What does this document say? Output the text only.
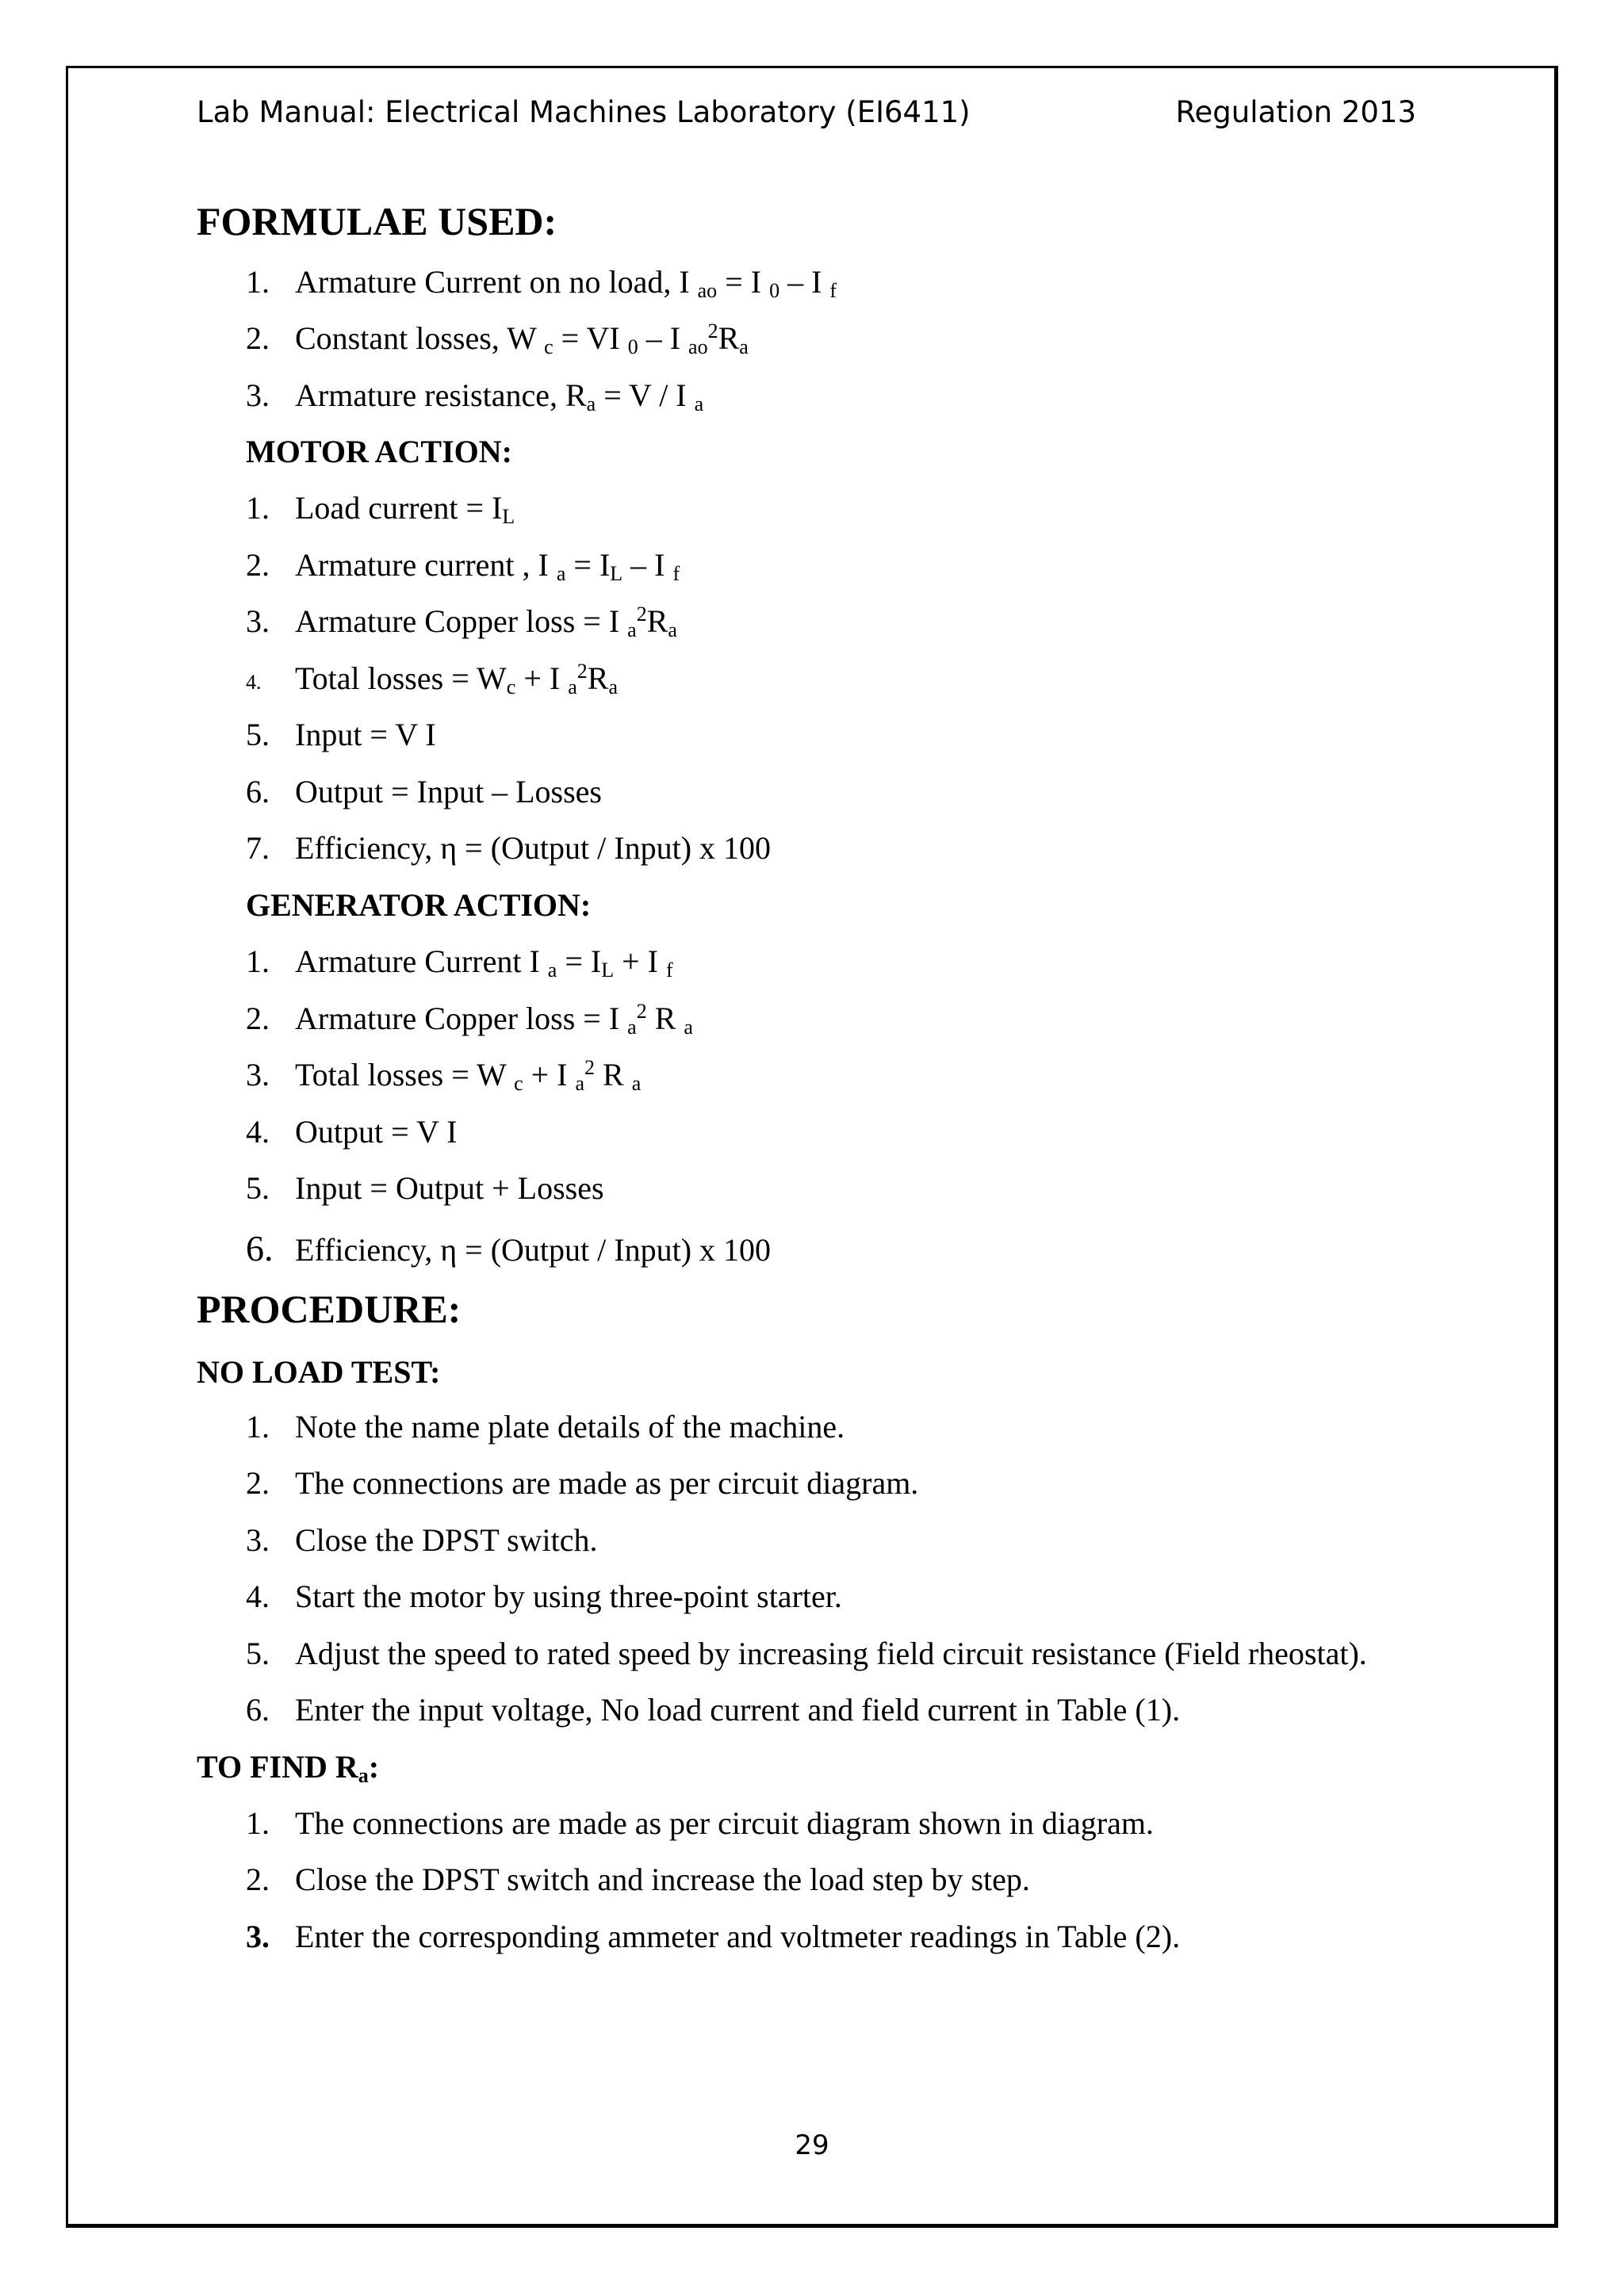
Lab Manual: Electrical Machines Laboratory (EI6411)	Regulation 2013
FORMULAE USED:
1. Armature Current on no load, I $_{ao}$ = I $_0$ – I $_f$
2. Constant losses, W $_c$ = VI $_0$ – I $_{ao}^2R_a$
3. Armature resistance, $R_a = V / I$ $_a$
MOTOR ACTION:
1. Load current = $I_L$
2. Armature current , I $_a = I_L - I$ $_f$
3. Armature Copper loss = I $_a^2R_a$
4. Total losses = $W_c + I$ $_a^2R_a$
5. Input = V I
6. Output = Input – Losses
7. Efficiency, η = (Output / Input) x 100
GENERATOR ACTION:
1. Armature Current I $_a = I_L + I$ $_f$
2. Armature Copper loss = I $_a^2$ R $_a$
3. Total losses = W $_c$ + I $_a^2$ R $_a$
4. Output = V I
5. Input = Output + Losses
6. Efficiency, η = (Output / Input) x 100
PROCEDURE:
NO LOAD TEST:
1. Note the name plate details of the machine.
2. The connections are made as per circuit diagram.
3. Close the DPST switch.
4. Start the motor by using three-point starter.
5. Adjust the speed to rated speed by increasing field circuit resistance (Field rheostat).
6. Enter the input voltage, No load current and field current in Table (1).
TO FIND $R_a$:
1. The connections are made as per circuit diagram shown in diagram.
2. Close the DPST switch and increase the load step by step.
3. Enter the corresponding ammeter and voltmeter readings in Table (2).
29
